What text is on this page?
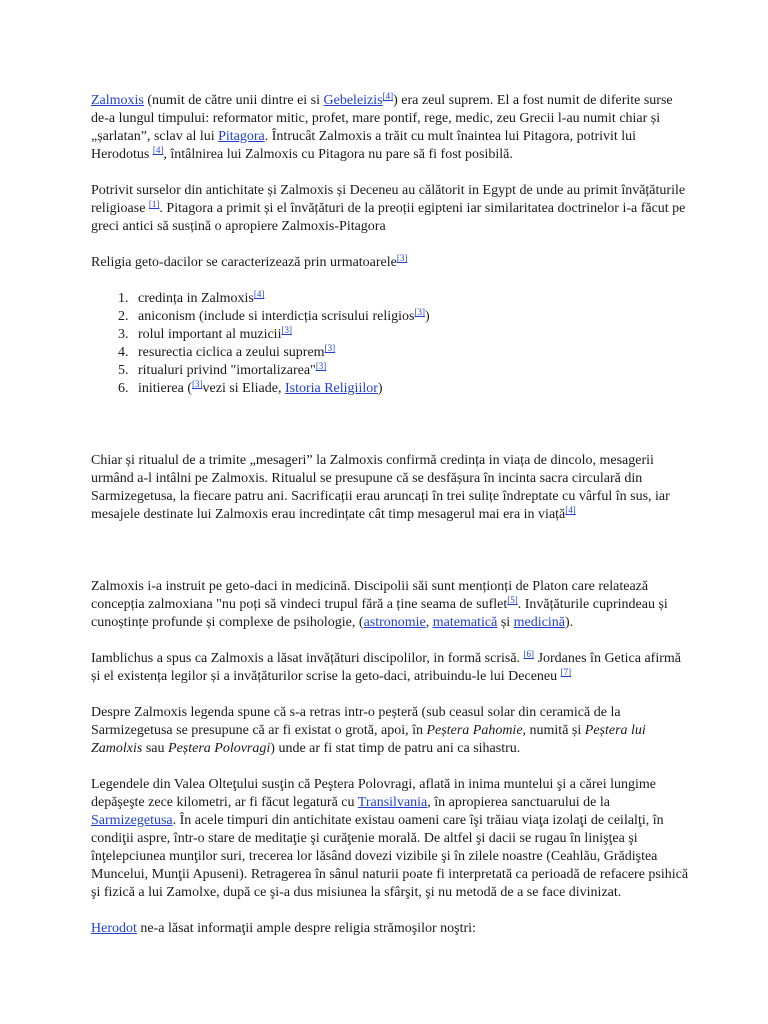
Zalmoxis (numit de către unii dintre ei si Gebeleizis[4]) era zeul suprem. El a fost numit de diferite surse de-a lungul timpului: reformator mitic, profet, mare pontif, rege, medic, zeu Grecii l-au numit chiar și „șarlatan”, sclav al lui Pitagora. Întrucât Zalmoxis a trăit cu mult înaintea lui Pitagora, potrivit lui Herodotus [4], întâlnirea lui Zalmoxis cu Pitagora nu pare să fi fost posibilă.

Potrivit surselor din antichitate și Zalmoxis și Deceneu au călătorit in Egypt de unde au primit învățăturile religioase [1]. Pitagora a primit și el învățături de la preoții egipteni iar similaritatea doctrinelor i-a făcut pe greci antici să susțină o apropiere Zalmoxis-Pitagora

Religia geto-dacilor se caracterizează prin urmatoarele[3]

1. credința in Zalmoxis[4]
2. aniconism (include si interdicția scrisului religios[3])
3. rolul important al muzicii[3]
4. resurectia ciclica a zeului suprem[3]
5. ritualuri privind "imortalizarea"[3]
6. initierea ([3]vezi si Eliade, Istoria Religiilor)

Chiar și ritualul de a trimite „mesageri” la Zalmoxis confirmă credința in viața de dincolo, mesagerii urmând a-l intâlni pe Zalmoxis. Ritualul se presupune că se desfășura în incinta sacra circulară din Sarmizegetusa, la fiecare patru ani. Sacrificații erau aruncați în trei sulițe îndreptate cu vârful în sus, iar mesajele destinate lui Zalmoxis erau incredințate cât timp mesagerul mai era in viață[4]

Zalmoxis i-a instruit pe geto-daci in medicină. Discipolii săi sunt menționți de Platon care relatează concepția zalmoxiana "nu poți să vindeci trupul fără a ține seama de suflet[5]. Invățăturile cuprindeau și cunoștințe profunde și complexe de psihologie, (astronomie, matematică și medicină).

Iamblichus a spus ca Zalmoxis a lăsat invățături discipolilor, in formă scrisă. [6] Jordanes în Getica afirmă și el existența legilor și a invățăturilor scrise la geto-daci, atribuindu-le lui Deceneu [7]

Despre Zalmoxis legenda spune că s-a retras intr-o peșteră (sub ceasul solar din ceramică de la Sarmizegetusa se presupune că ar fi existat o grotă, apoi, în Peștera Pahomie, numită și Peștera lui Zamolxis sau Peștera Polovragi) unde ar fi stat timp de patru ani ca sihastru.

Legendele din Valea Olteţului susţin că Peştera Polovragi, aflată in inima muntelui şi a cărei lungime depăşeşte zece kilometri, ar fi făcut legatură cu Transilvania, în apropierea sanctuarului de la Sarmizegetusa. În acele timpuri din antichitate existau oameni care îşi trăiau viaţa izolaţi de ceilalţi, în condiţii aspre, într-o stare de meditaţie şi curăţenie morală. De altfel şi dacii se rugau în linişţea şi înţelepciunea munţilor suri, trecerea lor lăsând dovezi vizibile şi în zilele noastre (Ceahlău, Grădiştea Muncelui, Munţii Apuseni). Retragerea în sânul naturii poate fi interpretată ca perioadă de refacere psihică şi fizică a lui Zamolxe, după ce şi-a dus misiunea la sfârşit, şi nu metodă de a se face divinizat.

Herodot ne-a lăsat informaţii ample despre religia strămoşilor noştri:
